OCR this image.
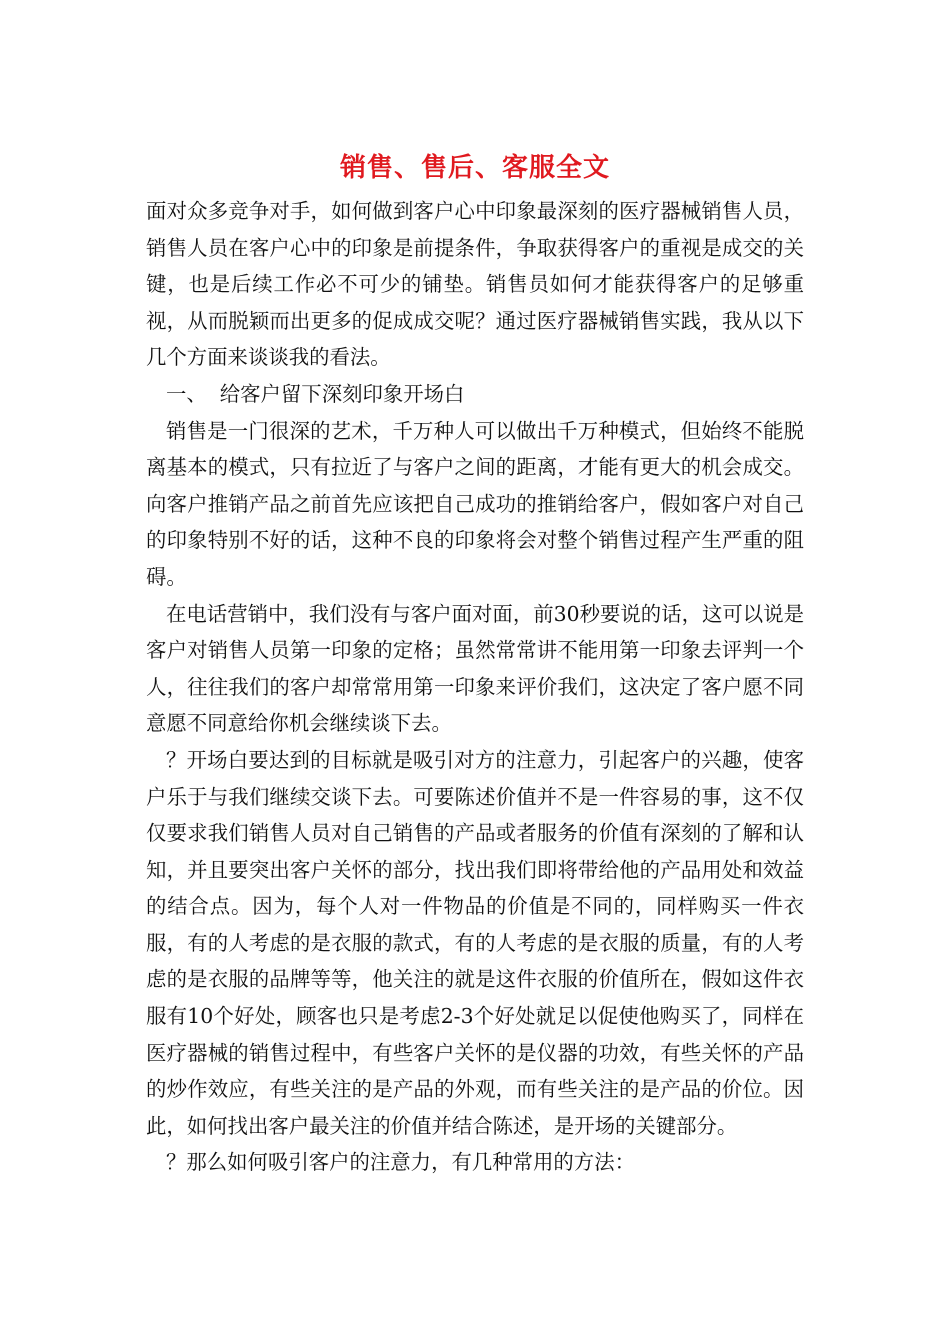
销售、售后、客服全文

面对众多竞争对手，如何做到客户心中印象最深刻的医疗器械销售人员，销售人员在客户心中的印象是前提条件，争取获得客户的重视是成交的关键，也是后续工作必不可少的铺垫。销售员如何才能获得客户的足够重视，从而脱颖而出更多的促成成交呢？通过医疗器械销售实践，我从以下几个方面来谈谈我的看法。

一、  给客户留下深刻印象开场白

销售是一门很深的艺术，千万种人可以做出千万种模式，但始终不能脱离基本的模式，只有拉近了与客户之间的距离，才能有更大的机会成交。向客户推销产品之前首先应该把自己成功的推销给客户，假如客户对自己的印象特别不好的话，这种不良的印象将会对整个销售过程产生严重的阻碍。

在电话营销中，我们没有与客户面对面，前30秒要说的话，这可以说是客户对销售人员第一印象的定格；虽然常常讲不能用第一印象去评判一个人，往往我们的客户却常常用第一印象来评价我们，这决定了客户愿不同意愿不同意给你机会继续谈下去。

？开场白要达到的目标就是吸引对方的注意力，引起客户的兴趣，使客户乐于与我们继续交谈下去。可要陈述价值并不是一件容易的事，这不仅仅要求我们销售人员对自己销售的产品或者服务的价值有深刻的了解和认知，并且要突出客户关怀的部分，找出我们即将带给他的产品用处和效益的结合点。因为，每个人对一件物品的价值是不同的，同样购买一件衣服，有的人考虑的是衣服的款式，有的人考虑的是衣服的质量，有的人考虑的是衣服的品牌等等，他关注的就是这件衣服的价值所在，假如这件衣服有10个好处，顾客也只是考虑2-3个好处就足以促使他购买了，同样在医疗器械的销售过程中，有些客户关怀的是仪器的功效，有些关怀的产品的炒作效应，有些关注的是产品的外观，而有些关注的是产品的价位。因此，如何找出客户最关注的价值并结合陈述，是开场的关键部分。

？那么如何吸引客户的注意力，有几种常用的方法：
